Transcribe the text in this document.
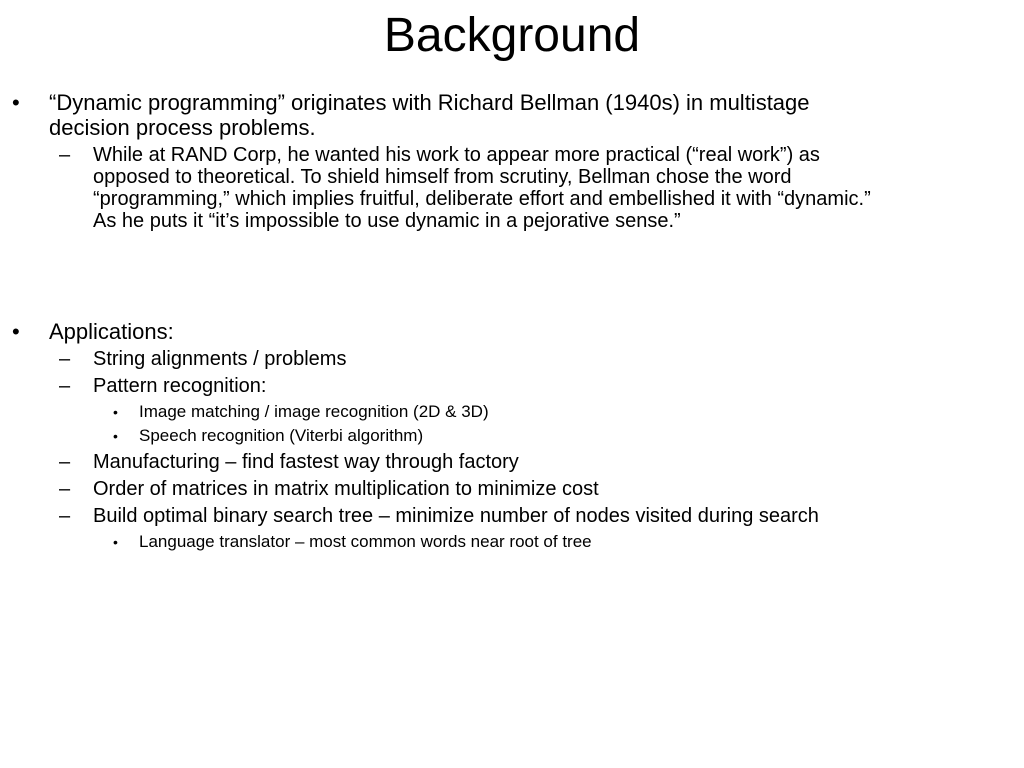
Background
• “Dynamic programming” originates with Richard Bellman (1940s) in multistage
decision process problems.
– While at RAND Corp, he wanted his work to appear more practical (“real work”) as
opposed to theoretical. To shield himself from scrutiny, Bellman chose the word
“programming,” which implies fruitful, deliberate effort and embellished it with “dynamic.”
As he puts it “it’s impossible to use dynamic in a pejorative sense.”
• Applications:
– String alignments / problems
– Pattern recognition:
• Image matching / image recognition (2D & 3D)
• Speech recognition (Viterbi algorithm)
– Manufacturing – find fastest way through factory
– Order of matrices in matrix multiplication to minimize cost
– Build optimal binary search tree – minimize number of nodes visited during search
• Language translator – most common words near root of tree
